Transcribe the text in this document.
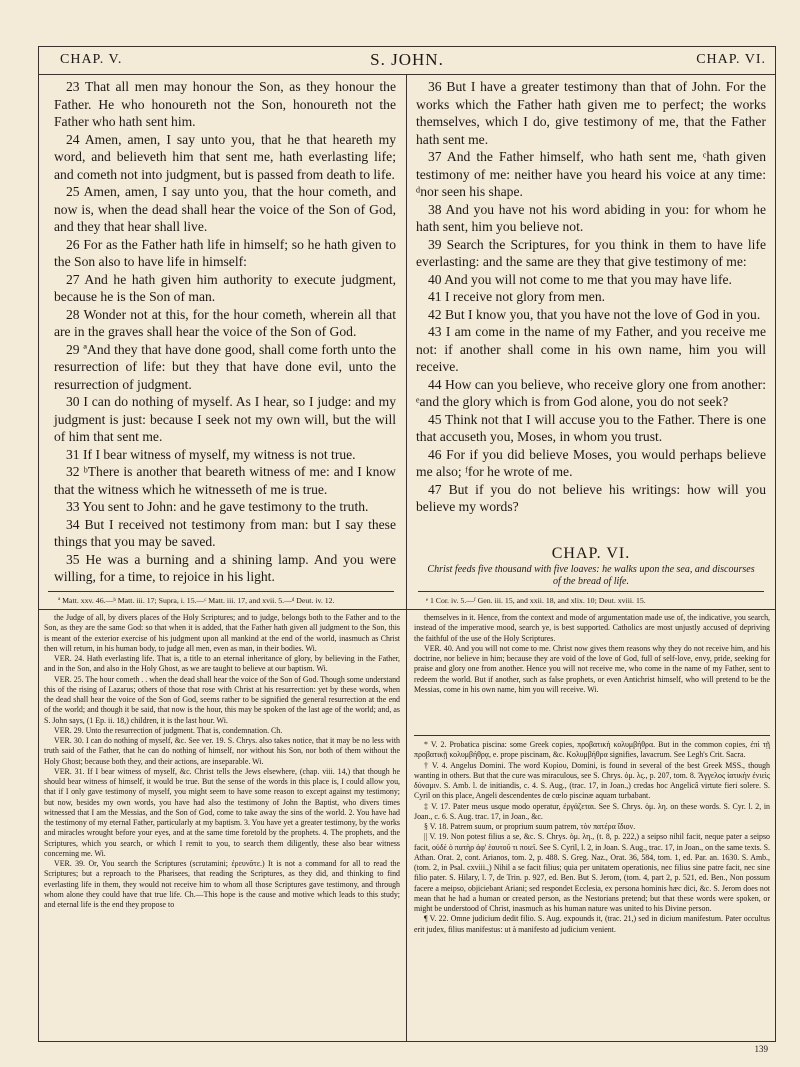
CHAP. V.	S. JOHN.	CHAP. VI.

23 That all men may honour the Son, as they honour the Father. He who honoureth not the Son, honoureth not the Father who hath sent him.

24 Amen, amen, I say unto you, that he that heareth my word, and believeth him that sent me, hath everlasting life; and cometh not into judgment, but is passed from death to life.

25 Amen, amen, I say unto you, that the hour cometh, and now is, when the dead shall hear the voice of the Son of God, and they that hear shall live.

26 For as the Father hath life in himself; so he hath given to the Son also to have life in himself:

27 And he hath given him authority to execute judgment, because he is the Son of man.

28 Wonder not at this, for the hour cometh, wherein all that are in the graves shall hear the voice of the Son of God.

29 ªAnd they that have done good, shall come forth unto the resurrection of life: but they that have done evil, unto the resurrection of judgment.

30 I can do nothing of myself. As I hear, so I judge: and my judgment is just: because I seek not my own will, but the will of him that sent me.

31 If I bear witness of myself, my witness is not true.

32 ᵇThere is another that beareth witness of me: and I know that the witness which he witnesseth of me is true.

33 You sent to John: and he gave testimony to the truth.

34 But I received not testimony from man: but I say these things that you may be saved.

35 He was a burning and a shining lamp. And you were willing, for a time, to rejoice in his light.

36 But I have a greater testimony than that of John. For the works which the Father hath given me to perfect; the works themselves, which I do, give testimony of me, that the Father hath sent me.

37 And the Father himself, who hath sent me, ᶜhath given testimony of me: neither have you heard his voice at any time: ᵈnor seen his shape.

38 And you have not his word abiding in you: for whom he hath sent, him you believe not.

39 Search the Scriptures, for you think in them to have life everlasting: and the same are they that give testimony of me:

40 And you will not come to me that you may have life.

41 I receive not glory from men.

42 But I know you, that you have not the love of God in you.

43 I am come in the name of my Father, and you receive me not: if another shall come in his own name, him you will receive.

44 How can you believe, who receive glory one from another: ᵉand the glory which is from God alone, you do not seek?

45 Think not that I will accuse you to the Father. There is one that accuseth you, Moses, in whom you trust.

46 For if you did believe Moses, you would perhaps believe me also; ᶠfor he wrote of me.

47 But if you do not believe his writings: how will you believe my words?

CHAP. VI.
Christ feeds five thousand with five loaves: he walks upon the sea, and discourses of the bread of life.

ª Matt. xxv. 46.—ᵇ Matt. iii. 17; Supra, i. 15.—ᶜ Matt. iii. 17, and xvii. 5.—ᵈ Deut. iv. 12.	ᵉ 1 Cor. iv. 5.—ᶠ Gen. iii. 15, and xxii. 18, and xlix. 10; Deut. xviii. 15.

the Judge of all, by divers places of the Holy Scriptures; and to judge, belongs both to the Father and to the Son, as they are the same God: so that when it is added, that the Father hath given all judgment to the Son, this is meant of the exterior exercise of his judgment upon all mankind at the end of the world, inasmuch as Christ then will return, in his human body, to judge all men, even as man, in their bodies. Wi.

VER. 24. Hath everlasting life. That is, a title to an eternal inheritance of glory, by believing in the Father, and in the Son, and also in the Holy Ghost, as we are taught to believe at our baptism. Wi.

VER. 25. The hour cometh . . when the dead shall hear the voice of the Son of God. Though some understand this of the rising of Lazarus; others of those that rose with Christ at his resurrection: yet by these words, when the dead shall hear the voice of the Son of God, seems rather to be signified the general resurrection at the end of the world; and though it be said, that now is the hour, this may be spoken of the last age of the world; and, as S. John says, (1 Ep. ii. 18,) children, it is the last hour. Wi.

VER. 29. Unto the resurrection of judgment. That is, condemnation. Ch.

VER. 30. I can do nothing of myself, &c. See ver. 19. S. Chrys. also takes notice, that it may be no less with truth said of the Father, that he can do nothing of himself, nor without his Son, nor both of them without the Holy Ghost; because both they, and their actions, are inseparable. Wi.

VER. 31. If I bear witness of myself, &c. Christ tells the Jews elsewhere, (chap. viii. 14,) that though he should bear witness of himself, it would be true. But the sense of the words in this place is, I could allow you, that if I only gave testimony of myself, you might seem to have some reason to except against my testimony; but now, besides my own words, you have had also the testimony of John the Baptist, who divers times witnessed that I am the Messias, and the Son of God, come to take away the sins of the world. 2. You have had the testimony of my eternal Father, particularly at my baptism. 3. You have yet a greater testimony, by the works and miracles wrought before your eyes, and at the same time foretold by the prophets. 4. The prophets, and the Scriptures, which you search, or which I remit to you, to search them diligently, these also bear witness concerning me. Wi.

VER. 39. Or, You search the Scriptures (scrutamini; ἐρευνᾶτε.) It is not a command for all to read the Scriptures; but a reproach to the Pharisees, that reading the Scriptures, as they did, and thinking to find everlasting life in them, they would not receive him to whom all those Scriptures gave testimony, and through whom alone they could have that true life. Ch.—This hope is the cause and motive which leads to this study; and eternal life is the end they propose to

themselves in it. Hence, from the context and mode of argumentation made use of, the indicative, you search, instead of the imperative mood, search ye, is best supported. Catholics are most unjustly accused of depriving the faithful of the use of the Holy Scriptures.

VER. 40. And you will not come to me. Christ now gives them reasons why they do not receive him, and his doctrine, nor believe in him; because they are void of the love of God, full of self-love, envy, pride, seeking for praise and glory one from another. Hence you will not receive me, who come in the name of my Father, sent to redeem the world. But if another, such as false prophets, or even Antichrist himself, who will pretend to be the Messias, come in his own name, him you will receive. Wi.

* V. 2. Probatica piscina: some Greek copies, προβατικὴ κολυμβήθρα. But in the common copies, ἐπὶ τῇ προβατικῇ κολυμβήθρᾳ, e. prope piscinam, &c. Κολυμβήθρα signifies, lavacrum. See Legh's Crit. Sacra.

† V. 4. Angelus Domini. The word Κυρίου, Domini, is found in several of the best Greek MSS., though wanting in others. But that the cure was miraculous, see S. Chrys. ὁμ. λς., p. 207, tom. 8. Ἄγγελος ἰατικὴν ἐνιεὶς δύναμιν. S. Amb. l. de initiandis, c. 4. S. Aug., (trac. 17, in Joan.,) credas hoc Angelicâ virtute fieri solere. S. Cyril on this place, Angeli descendentes de cœlo piscinæ aquam turbabant.

‡ V. 17. Pater meus usque modo operatur, ἐργάζεται. See S. Chrys. ὁμ. λη. on these words. S. Cyr. l. 2, in Joan., c. 6. S. Aug. trac. 17, in Joan., &c.

§ V. 18. Patrem suum, or proprium suum patrem, τὸν πατέρα ἴδιον.

|| V. 19. Non potest filius a se, &c. S. Chrys. ὁμ. λη., (t. 8, p. 222,) a seipso nihil facit, neque pater a seipso facit, οὐδὲ ὁ πατὴρ ἀφ' ἑαυτοῦ τι ποιεῖ. See S. Cyril, l. 2, in Joan. S. Aug., trac. 17, in Joan., on the same texts. S. Athan. Orat. 2, cont. Arianos, tom. 2, p. 488. S. Greg. Naz., Orat. 36, 584, tom. 1, ed. Par. an. 1630. S. Amb., (tom. 2, in Psal. cxviii.,) Nihil a se facit filius; quia per unitatem operationis, nec filius sine patre facit, nec sine filio pater. S. Hilary, l. 7, de Trin. p. 927, ed. Ben. But S. Jerom, (tom. 4, part 2, p. 521, ed. Ben., Non possum facere a meipso, objiciebant Ariani; sed respondet Ecclesia, ex persona hominis hæc dici, &c. S. Jerom does not mean that he had a human or created person, as the Nestorians pretend; but that these words were spoken, or might be understood of Christ, inasmuch as his human nature was united to his Divine person.

¶ V. 22. Omne judicium dedit filio. S. Aug. expounds it, (trac. 21,) sed in dicium manifestum. Pater occultus erit judex, filius manifestus: ut à manifesto ad judicium venient.

139
